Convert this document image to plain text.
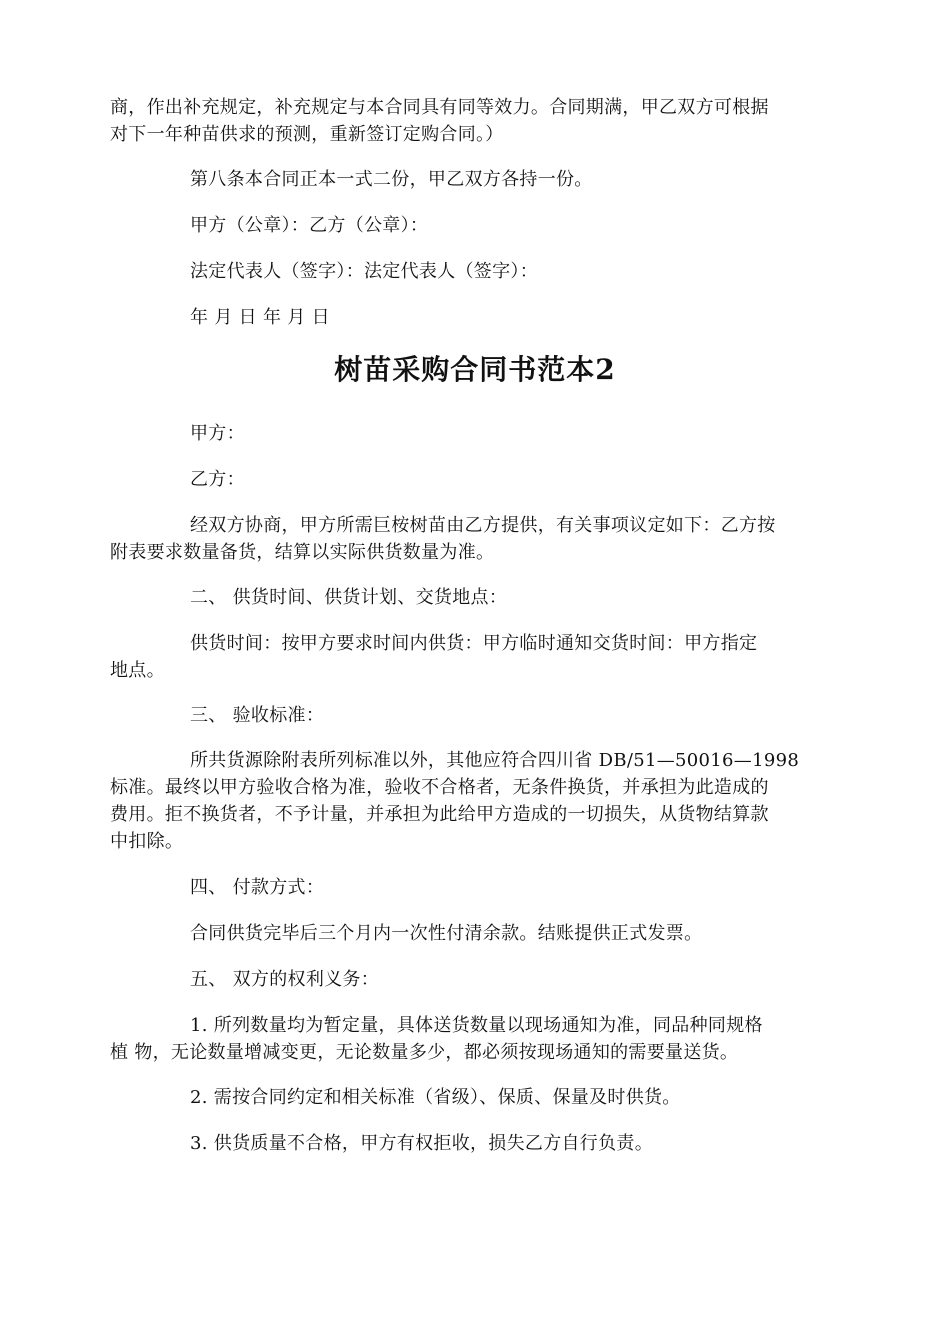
商，作出补充规定，补充规定与本合同具有同等效力。合同期满，甲乙双方可根据
对下一年种苗供求的预测，重新签订定购合同。）

第八条本合同正本一式二份，甲乙双方各持一份。

甲方（公章）：乙方（公章）：

法定代表人（签字）：法定代表人（签字）：

年 月 日 年 月 日

树苗采购合同书范本2

甲方：

乙方：

经双方协商，甲方所需巨桉树苗由乙方提供，有关事项议定如下：乙方按
附表要求数量备货，结算以实际供货数量为准。

二、 供货时间、供货计划、交货地点：

供货时间：按甲方要求时间内供货：甲方临时通知交货时间：甲方指定
地点。

三、 验收标准：

所共货源除附表所列标准以外，其他应符合四川省 DB/51—50016—1998
标准。最终以甲方验收合格为准，验收不合格者，无条件换货，并承担为此造成的
费用。拒不换货者，不予计量，并承担为此给甲方造成的一切损失，从货物结算款
中扣除。

四、 付款方式：

合同供货完毕后三个月内一次性付清余款。结账提供正式发票。

五、 双方的权利义务：

1. 所列数量均为暂定量，具体送货数量以现场通知为准，同品种同规格
植 物，无论数量增减变更，无论数量多少，都必须按现场通知的需要量送货。

2. 需按合同约定和相关标准（省级）、保质、保量及时供货。

3. 供货质量不合格，甲方有权拒收，损失乙方自行负责。
